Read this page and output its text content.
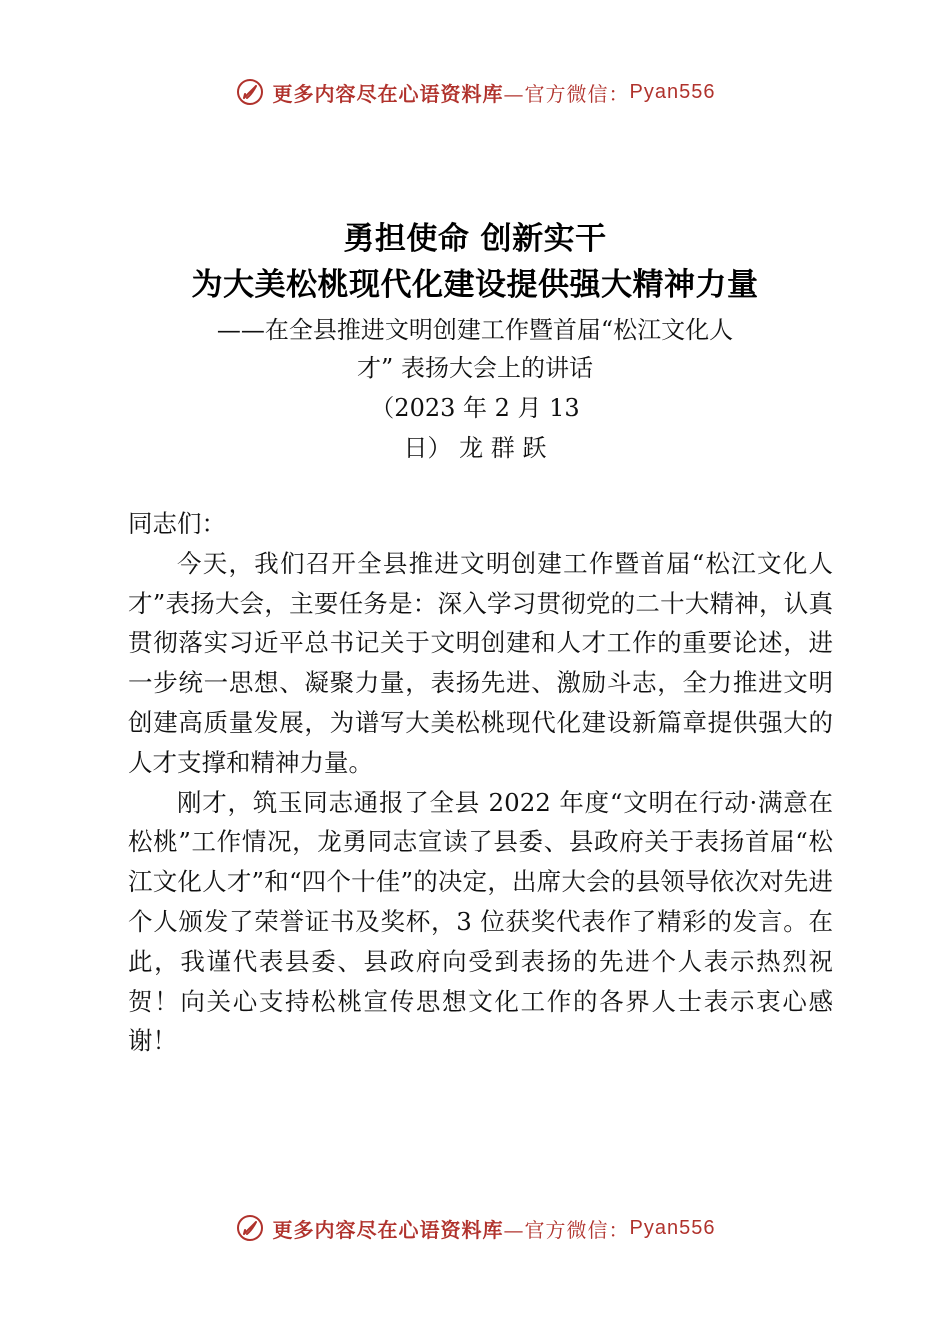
更多内容尽在心语资料库 —官方微信： Pyan556
勇担使命 创新实干
为大美松桃现代化建设提供强大精神力量
——在全县推进文明创建工作暨首届“松江文化人
才” 表扬大会上的讲话
（2023 年 2 月 13
日） 龙 群 跃

同志们：

今天，我们召开全县推进文明创建工作暨首届“松江文化人才”表扬大会，主要任务是：深入学习贯彻党的二十大精神，认真贯彻落实习近平总书记关于文明创建和人才工作的重要论述，进一步统一思想、凝聚力量，表扬先进、激励斗志，全力推进文明创建高质量发展，为谱写大美松桃现代化建设新篇章提供强大的人才支撑和精神力量。

刚才，筑玉同志通报了全县 2022 年度“文明在行动·满意在松桃”工作情况，龙勇同志宣读了县委、县政府关于表扬首届“松江文化人才”和“四个十佳”的决定，出席大会的县领导依次对先进个人颁发了荣誉证书及奖杯，3 位获奖代表作了精彩的发言。在此，我谨代表县委、县政府向受到表扬的先进个人表示热烈祝贺！向关心支持松桃宣传思想文化工作的各界人士表示衷心感谢！

更多内容尽在心语资料库 —官方微信： Pyan556
